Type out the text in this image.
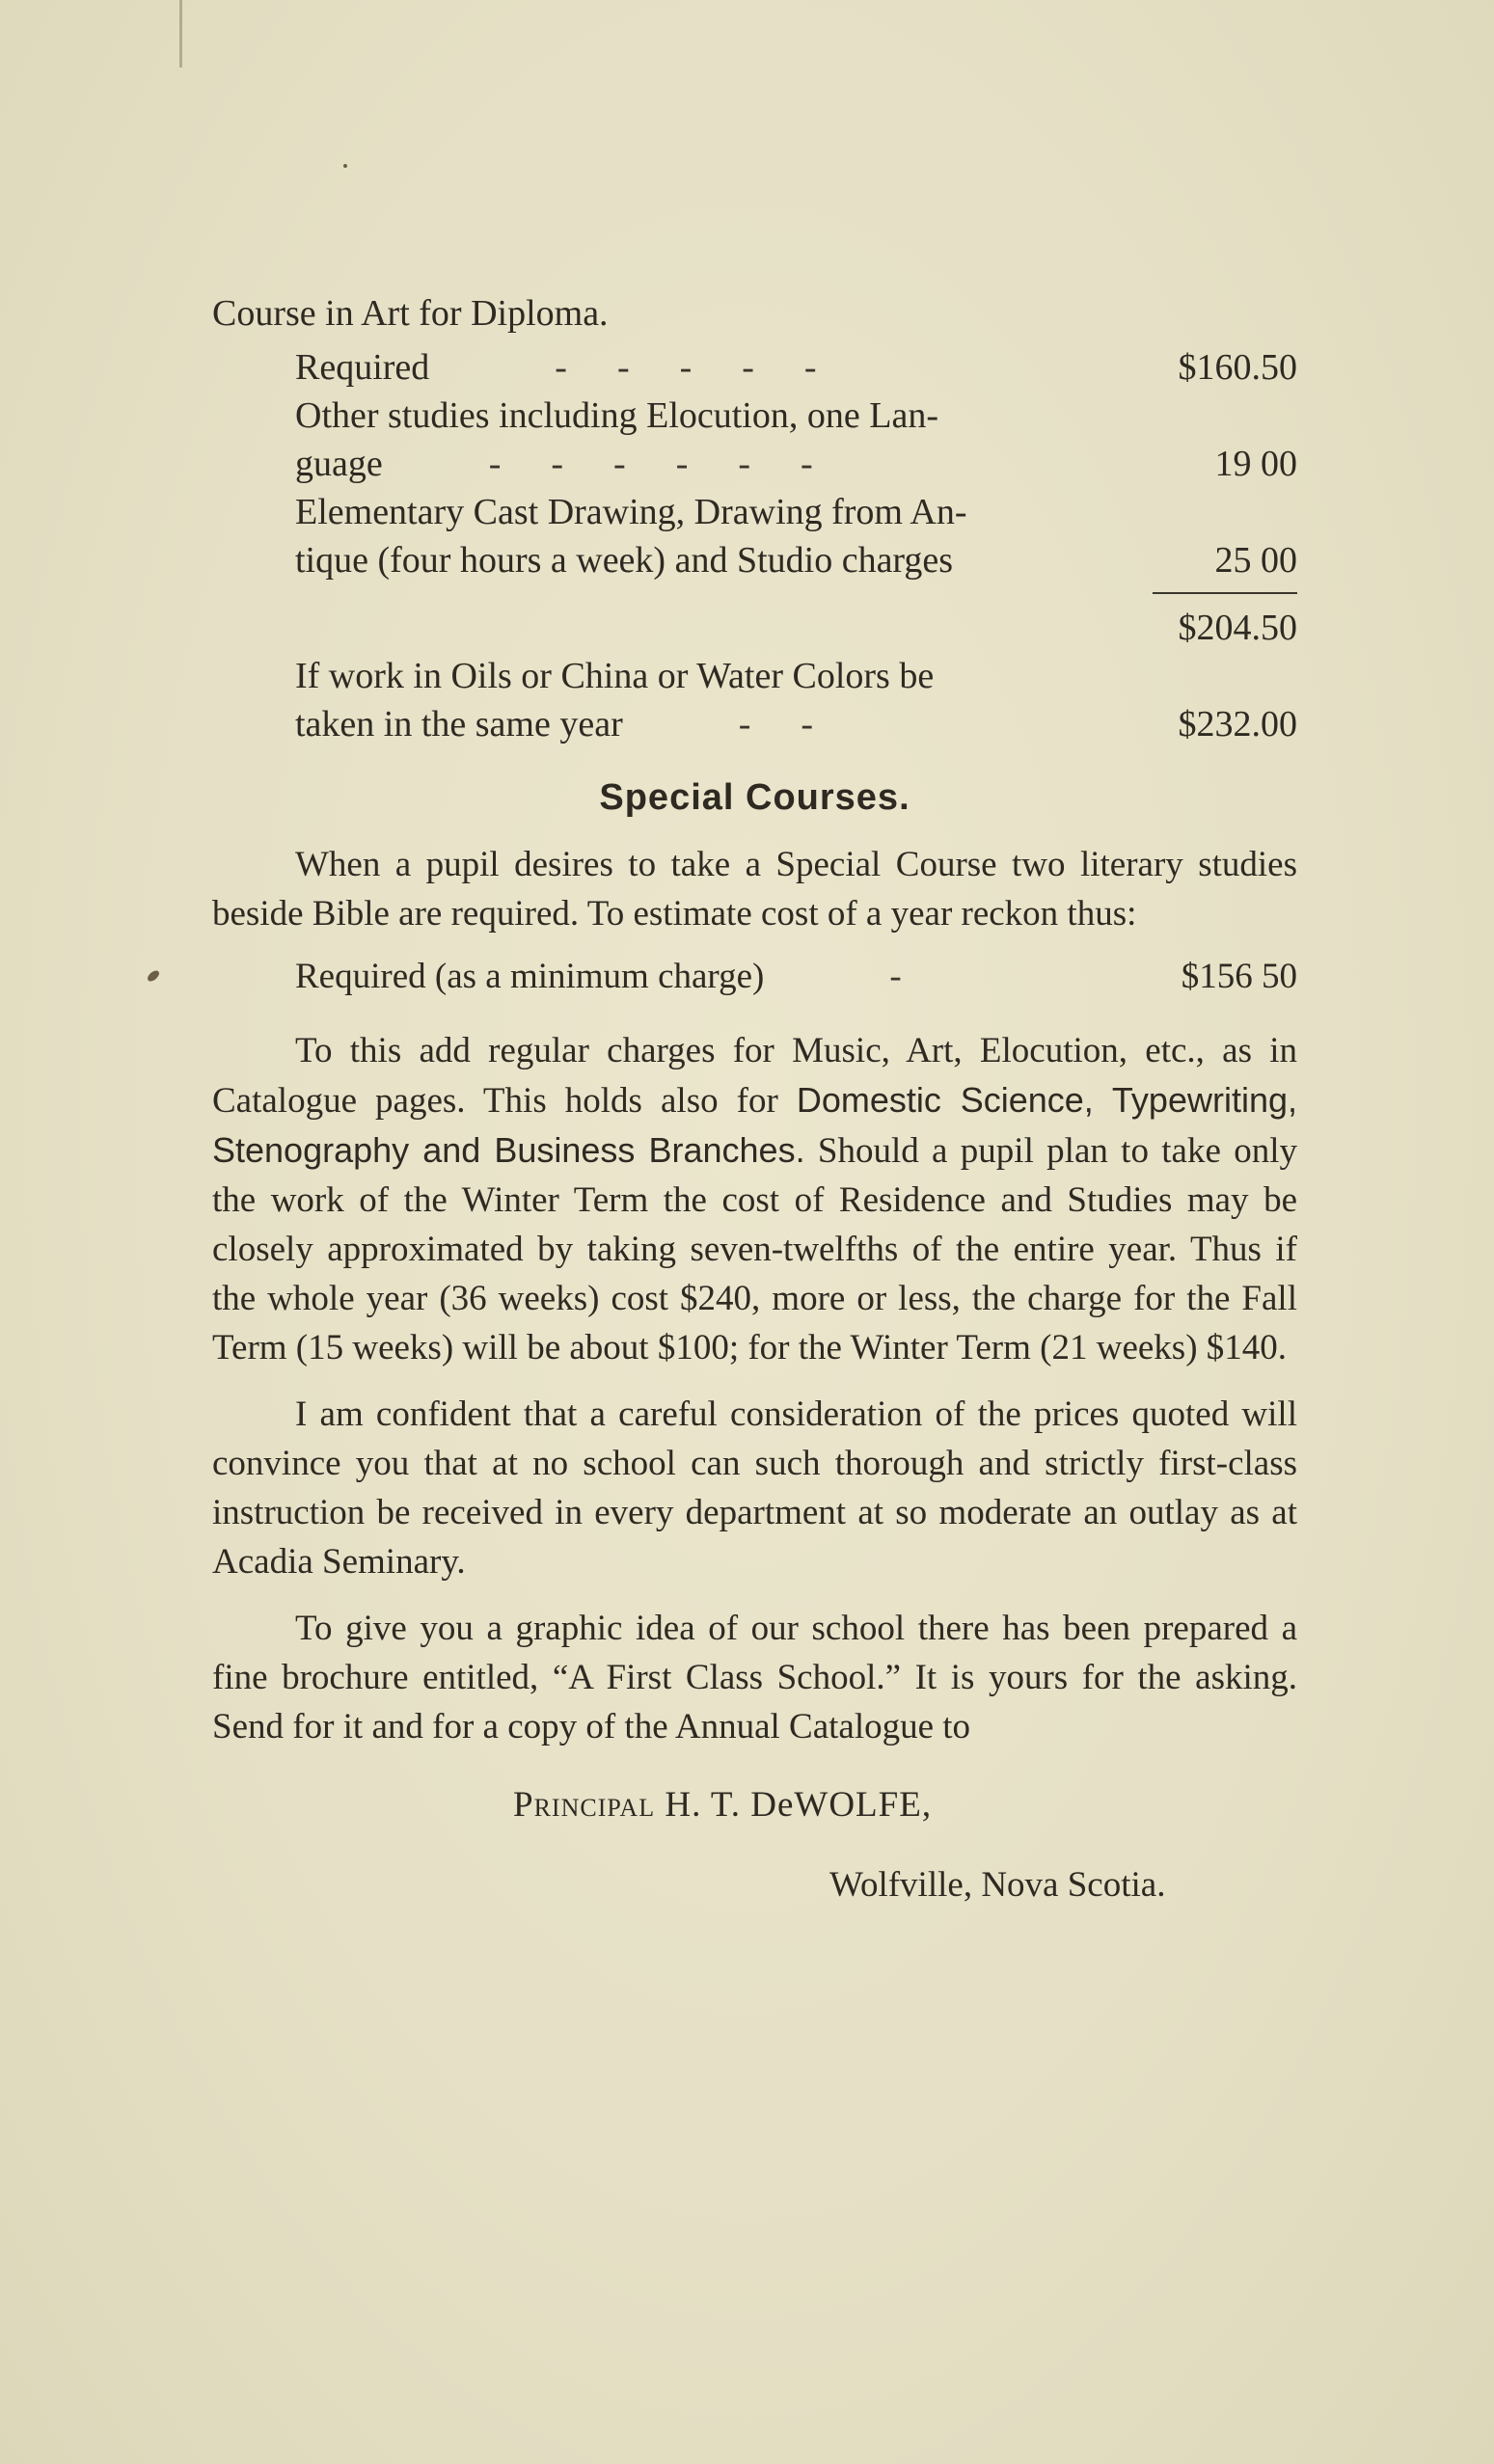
Course in Art for Diploma.
Required	-----	$160.50
Other studies including Elocution, one Lan-
guage	------	19 00
Elementary Cast Drawing, Drawing from An-
tique (four hours a week) and Studio charges	25 00
$204.50
If work in Oils or China or Water Colors be
taken in the same year	--	$232.00
Special Courses.

When a pupil desires to take a Special Course two literary studies beside Bible are required. To estimate cost of a year reckon thus:

Required (as a minimum charge)	-	$156 50

To this add regular charges for Music, Art, Elocution, etc., as in Catalogue pages. This holds also for Domestic Science, Typewriting, Stenography and Business Branches. Should a pupil plan to take only the work of the Winter Term the cost of Residence and Studies may be closely approximated by taking seven-twelfths of the entire year. Thus if the whole year (36 weeks) cost $240, more or less, the charge for the Fall Term (15 weeks) will be about $100; for the Winter Term (21 weeks) $140.

I am confident that a careful consideration of the prices quoted will convince you that at no school can such thorough and strictly first-class instruction be received in every department at so moderate an outlay as at Acadia Seminary.

To give you a graphic idea of our school there has been prepared a fine brochure entitled, “A First Class School.” It is yours for the asking. Send for it and for a copy of the Annual Catalogue to

Principal H. T. DeWOLFE,
Wolfville, Nova Scotia.
